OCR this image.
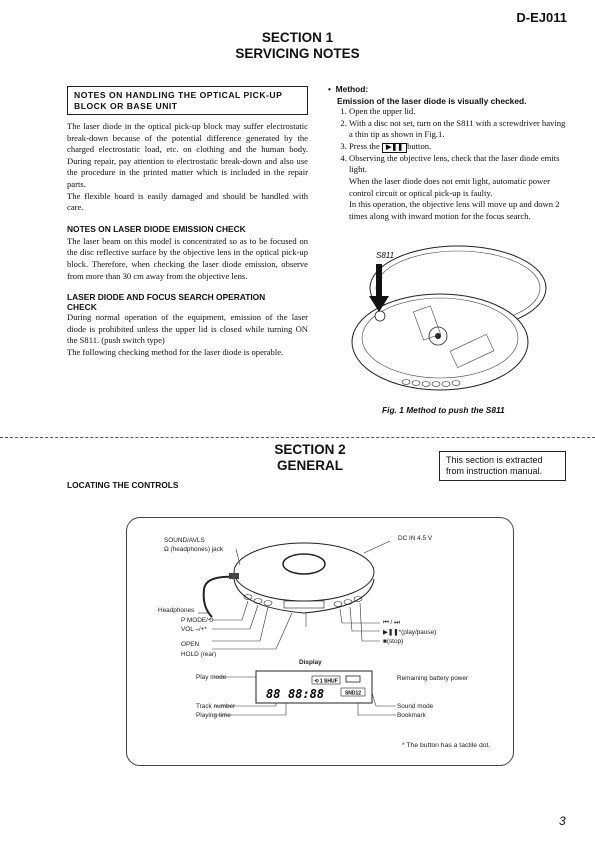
D-EJ011
SECTION 1
SERVICING NOTES
NOTES ON HANDLING THE OPTICAL PICK-UP BLOCK OR BASE UNIT
The laser diode in the optical pick-up block may suffer electrostatic break-down because of the potential difference generated by the charged electrostatic load, etc. on clothing and the human body. During repair, pay attention to electrostatic break-down and also use the procedure in the printed matter which is included in the repair parts.
The flexible board is easily damaged and should be handled with care.
NOTES ON LASER DIODE EMISSION CHECK
The laser beam on this model is concentrated so as to be focused on the disc reflective surface by the objective lens in the optical pick-up block. Therefore, when checking the laser diode emission, observe from more than 30 cm away from the objective lens.
LASER DIODE AND FOCUS SEARCH OPERATION
CHECK
During normal operation of the equipment, emission of the laser diode is prohibited unless the upper lid is closed while turning ON the S811. (push switch type)
The following checking method for the laser diode is operable.
• Method:
Emission of the laser diode is visually checked.
1. Open the upper lid.
2. With a disc not set, turn on the S811 with a screwdriver having a thin tip as shown in Fig.1.
3. Press the ▶❚❚ button.
4. Observing the objective lens, check that the laser diode emits light.
When the laser diode does not emit light, automatic power control circuit or optical pick-up is faulty.
In this operation, the objective lens will move up and down 2 times along with inward motion for the focus search.
S811
Fig. 1 Method to push the S811
SECTION 2
GENERAL	This section is extracted from instruction manual.
LOCATING THE CONTROLS
⟲ 1 SHUF
88 88:88	SND12
SOUND/AVLS
Ω (headphones) jack
DC IN 4.5 V
Headphones
P MODE/⟲
VOL –/+*
OPEN
HOLD (rear)
Display
⏮ / ⏭
▶❚❚*(play/pause)
■(stop)
Play mode	Remaining battery power
Track number
Playing time
Sound mode
Bookmark
* The button has a tactile dot.
3
